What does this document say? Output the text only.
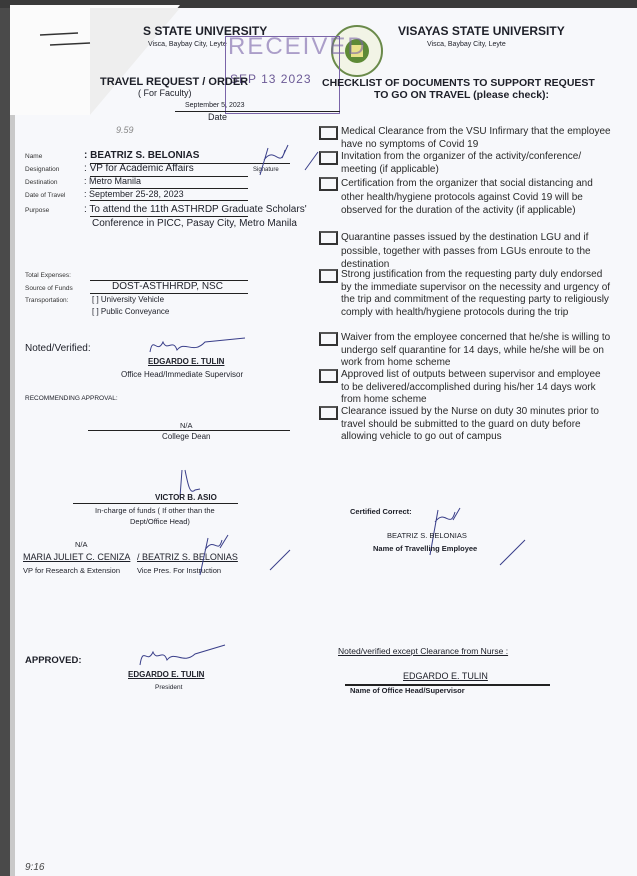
S STATE UNIVERSITY
Visca, Baybay City, Leyte
VISAYAS STATE UNIVERSITY
Visca, Baybay City, Leyte
RECEIVED
SEP 13 2023
TRAVEL REQUEST / ORDER
( For Faculty)
September 5, 2023
Date
CHECKLIST OF DOCUMENTS TO SUPPORT REQUEST
TO GO ON TRAVEL (please check):
9.59
Name	: BEATRIZ S. BELONIAS
Designation : VP for Academic Affairs
Destination	: Metro Manila
Date of Travel : September 25-28, 2023
Purpose	: To attend the 11th ASTHRDP Graduate Scholars'
Conference in PICC, Pasay City, Metro Manila
Signature
Total Expenses:
Source of Funds	DOST-ASTHHRDP, NSC
Transportation:	[ ] University Vehicle
[ ] Public Conveyance
Noted/Verified:
EDGARDO E. TULIN
Office Head/Immediate Supervisor
RECOMMENDING APPROVAL:
N/A
College Dean
VICTOR B. ASIO
In-charge of funds ( If other than the
Dept/Office Head)
N/A
MARIA JULIET C. CENIZA / BEATRIZ S. BELONIAS
VP for Research & Extension Vice Pres. For Instruction
Certified Correct:
BEATRIZ S. BELONIAS
Name of Travelling Employee
APPROVED:
EDGARDO E. TULIN
President
Noted/verified except Clearance from Nurse :
EDGARDO E. TULIN
Name of Office Head/Supervisor
9:16
Medical Clearance from the VSU Infirmary that the employee have no symptoms of Covid 19
Invitation from the organizer of the activity/conference/ meeting (if applicable)
Certification from the organizer that social distancing and other health/hygiene protocols against Covid 19 will be observed for the duration of the activity (if applicable)
Quarantine passes issued by the destination LGU and if possible, together with passes from LGUs enroute to the destination
Strong justification from the requesting party duly endorsed by the immediate supervisor on the necessity and urgency of the trip and commitment of the requesting party to religiously comply with health/hygiene protocols during the trip
Waiver from the employee concerned that he/she is willing to undergo self quarantine for 14 days, while he/she will be on work from home scheme
Approved list of outputs between supervisor and employee to be delivered/accomplished during his/her 14 days work from home scheme
Clearance issued by the Nurse on duty 30 minutes prior to travel should be submitted to the guard on duty before allowing vehicle to go out of campus
